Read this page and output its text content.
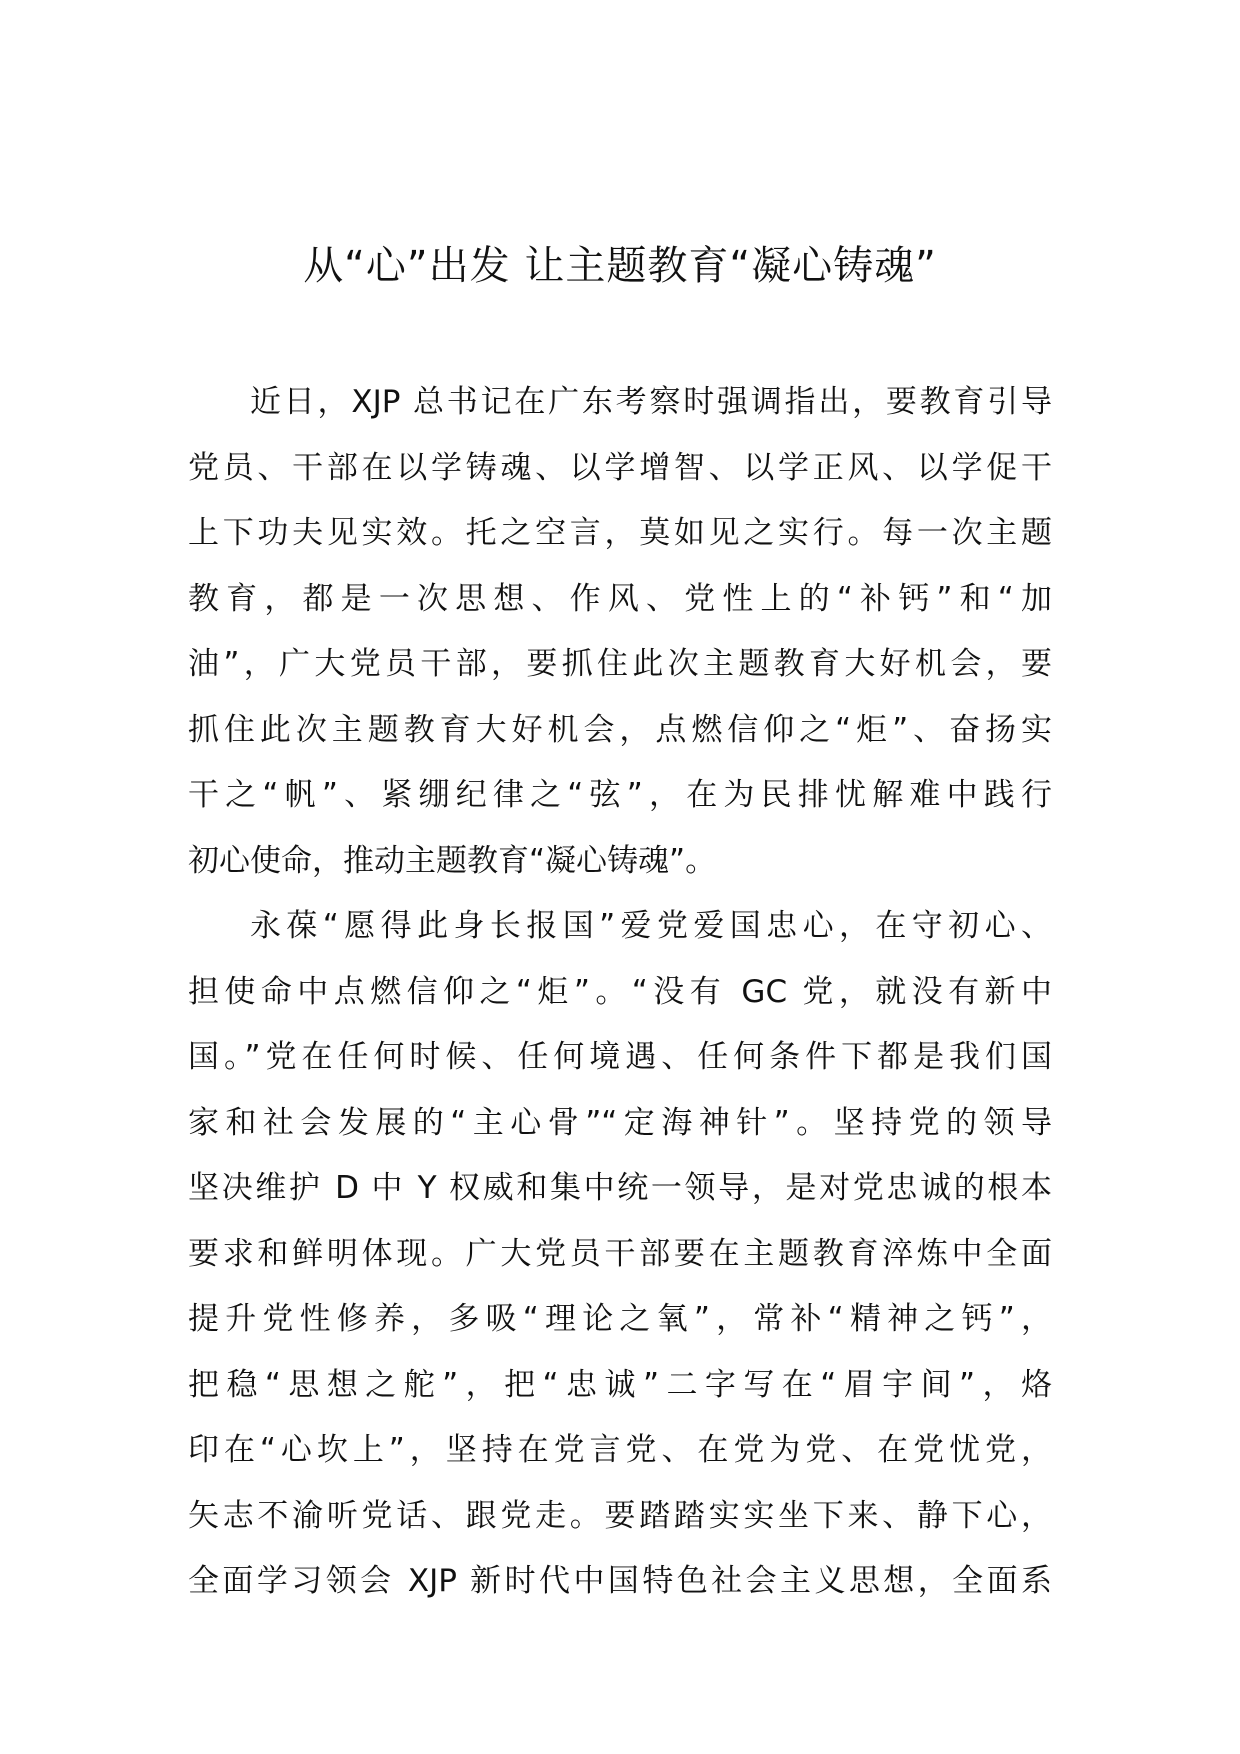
从“心”出发 让主题教育“凝心铸魂”
近日，XJP 总书记在广东考察时强调指出，要教育引导
党员、干部在以学铸魂、以学增智、以学正风、以学促干
上下功夫见实效。托之空言，莫如见之实行。每一次主题
教育，都是一次思想、作风、党性上的“补钙”和“加
油”，广大党员干部，要抓住此次主题教育大好机会，要
抓住此次主题教育大好机会，点燃信仰之“炬”、奋扬实
干之“帆”、紧绷纪律之“弦”，在为民排忧解难中践行
初心使命，推动主题教育“凝心铸魂”。
永葆“愿得此身长报国”爱党爱国忠心，在守初心、
担使命中点燃信仰之“炬”。“没有 GC 党，就没有新中
国。”党在任何时候、任何境遇、任何条件下都是我们国
家和社会发展的“主心骨”“定海神针”。坚持党的领导
坚决维护 D 中 Y 权威和集中统一领导，是对党忠诚的根本
要求和鲜明体现。广大党员干部要在主题教育淬炼中全面
提升党性修养，多吸“理论之氧”，常补“精神之钙”，
把稳“思想之舵”，把“忠诚”二字写在“眉宇间”，烙
印在“心坎上”，坚持在党言党、在党为党、在党忧党，
矢志不渝听党话、跟党走。要踏踏实实坐下来、静下心，
全面学习领会 XJP 新时代中国特色社会主义思想，全面系
